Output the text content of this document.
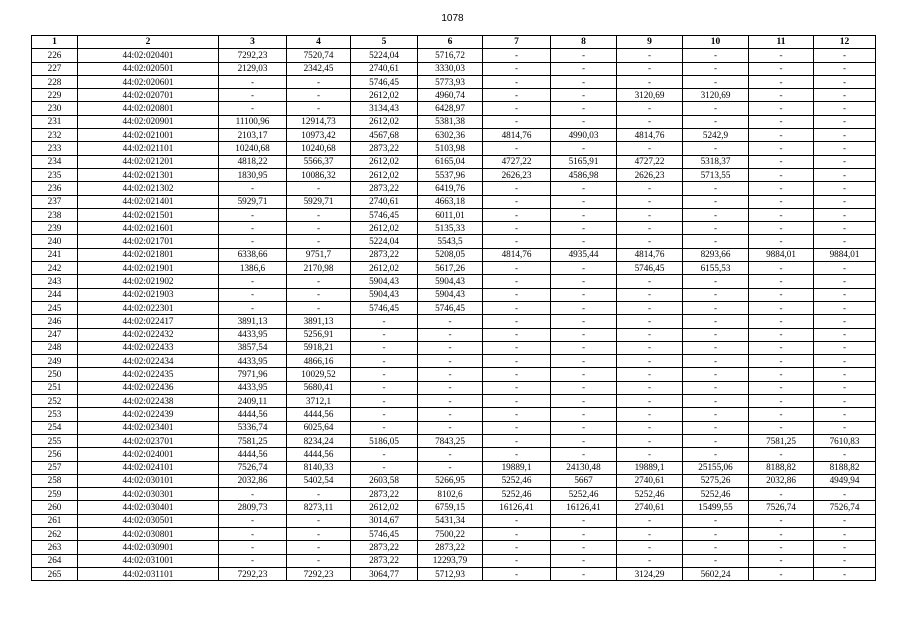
1078
1	2	3	4	5	6	7	8	9	10	11	12
226	44:02:020401	7292,23	7520,74	5224,04	5716,72	-	-	-	-	-	-
227	44:02:020501	2129,03	2342,45	2740,61	3330,03	-	-	-	-	-	-
228	44:02:020601	-	-	5746,45	5773,93	-	-	-	-	-	-
229	44:02:020701	-	-	2612,02	4960,74	-	-	3120,69	3120,69	-	-
230	44:02:020801	-	-	3134,43	6428,97	-	-	-	-	-	-
231	44:02:020901	11100,96	12914,73	2612,02	5381,38	-	-	-	-	-	-
232	44:02:021001	2103,17	10973,42	4567,68	6302,36	4814,76	4990,03	4814,76	5242,9	-	-
233	44:02:021101	10240,68	10240,68	2873,22	5103,98	-	-	-	-	-	-
234	44:02:021201	4818,22	5566,37	2612,02	6165,04	4727,22	5165,91	4727,22	5318,37	-	-
235	44:02:021301	1830,95	10086,32	2612,02	5537,96	2626,23	4586,98	2626,23	5713,55	-	-
236	44:02:021302	-	-	2873,22	6419,76	-	-	-	-	-	-
237	44:02:021401	5929,71	5929,71	2740,61	4663,18	-	-	-	-	-	-
238	44:02:021501	-	-	5746,45	6011,01	-	-	-	-	-	-
239	44:02:021601	-	-	2612,02	5135,33	-	-	-	-	-	-
240	44:02:021701	-	-	5224,04	5543,5	-	-	-	-	-	-
241	44:02:021801	6338,66	9751,7	2873,22	5208,05	4814,76	4935,44	4814,76	8293,66	9884,01	9884,01
242	44:02:021901	1386,6	2170,98	2612,02	5617,26	-	-	5746,45	6155,53	-	-
243	44:02:021902	-	-	5904,43	5904,43	-	-	-	-	-	-
244	44:02:021903	-	-	5904,43	5904,43	-	-	-	-	-	-
245	44:02:022301	-	-	5746,45	5746,45	-	-	-	-	-	-
246	44:02:022417	3891,13	3891,13	-	-	-	-	-	-	-	-
247	44:02:022432	4433,95	5256,91	-	-	-	-	-	-	-	-
248	44:02:022433	3857,54	5918,21	-	-	-	-	-	-	-	-
249	44:02:022434	4433,95	4866,16	-	-	-	-	-	-	-	-
250	44:02:022435	7971,96	10029,52	-	-	-	-	-	-	-	-
251	44:02:022436	4433,95	5680,41	-	-	-	-	-	-	-	-
252	44:02:022438	2409,11	3712,1	-	-	-	-	-	-	-	-
253	44:02:022439	4444,56	4444,56	-	-	-	-	-	-	-	-
254	44:02:023401	5336,74	6025,64	-	-	-	-	-	-	-	-
255	44:02:023701	7581,25	8234,24	5186,05	7843,25	-	-	-	-	7581,25	7610,83
256	44:02:024001	4444,56	4444,56	-	-	-	-	-	-	-	-
257	44:02:024101	7526,74	8140,33	-	-	19889,1	24130,48	19889,1	25155,06	8188,82	8188,82
258	44:02:030101	2032,86	5402,54	2603,58	5266,95	5252,46	5667	2740,61	5275,26	2032,86	4949,94
259	44:02:030301	-	-	2873,22	8102,6	5252,46	5252,46	5252,46	5252,46	-	-
260	44:02:030401	2809,73	8273,11	2612,02	6759,15	16126,41	16126,41	2740,61	15499,55	7526,74	7526,74
261	44:02:030501	-	-	3014,67	5431,34	-	-	-	-	-	-
262	44:02:030801	-	-	5746,45	7500,22	-	-	-	-	-	-
263	44:02:030901	-	-	2873,22	2873,22	-	-	-	-	-	-
264	44:02:031001	-	-	2873,22	12293,79	-	-	-	-	-	-
265	44:02:031101	7292,23	7292,23	3064,77	5712,93	-	-	3124,29	5602,24	-	-
